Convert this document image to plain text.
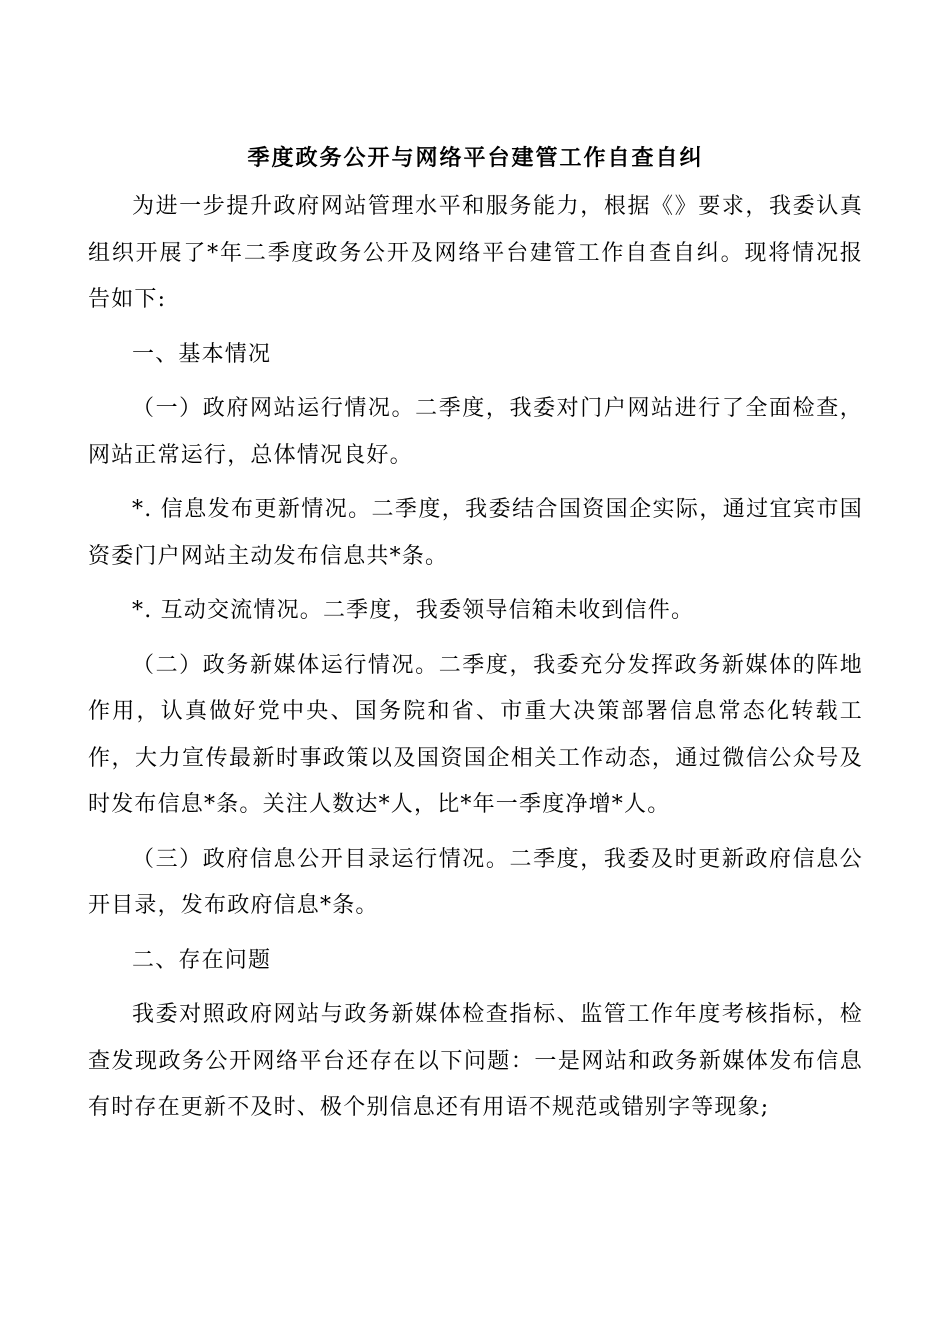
季度政务公开与网络平台建管工作自查自纠

为进一步提升政府网站管理水平和服务能力，根据《》要求，我委认真组织开展了*年二季度政务公开及网络平台建管工作自查自纠。现将情况报告如下:

一、基本情况

（一）政府网站运行情况。二季度，我委对门户网站进行了全面检查，网站正常运行，总体情况良好。

*. 信息发布更新情况。二季度，我委结合国资国企实际，通过宜宾市国资委门户网站主动发布信息共*条。

*. 互动交流情况。二季度，我委领导信箱未收到信件。

（二）政务新媒体运行情况。二季度，我委充分发挥政务新媒体的阵地作用，认真做好党中央、国务院和省、市重大决策部署信息常态化转载工作，大力宣传最新时事政策以及国资国企相关工作动态，通过微信公众号及时发布信息*条。关注人数达*人，比*年一季度净增*人。

（三）政府信息公开目录运行情况。二季度，我委及时更新政府信息公开目录，发布政府信息*条。

二、存在问题

我委对照政府网站与政务新媒体检查指标、监管工作年度考核指标，检查发现政务公开网络平台还存在以下问题：一是网站和政务新媒体发布信息有时存在更新不及时、极个别信息还有用语不规范或错别字等现象;
